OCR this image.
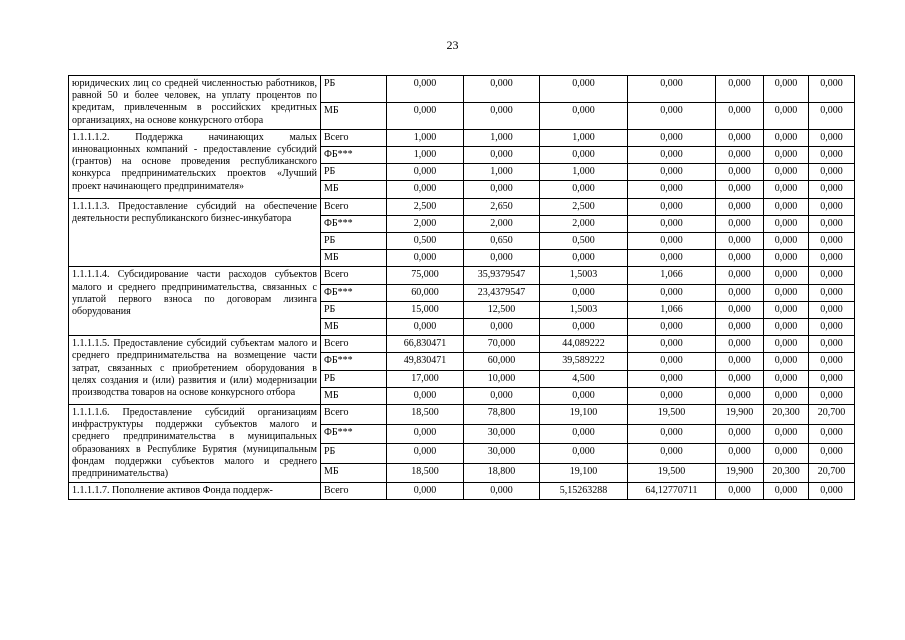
23
юридических лиц со средней численностью работников, равной 50 и более человек, на уплату процентов по кредитам, привлеченным в российских кредитных организациях, на основе конкурсного отбора	РБ	0,000	0,000	0,000	0,000	0,000	0,000	0,000
	МБ	0,000	0,000	0,000	0,000	0,000	0,000	0,000
1.1.1.1.2. Поддержка начинающих малых инновационных компаний - предоставление субсидий (грантов) на основе проведения республиканского конкурса предпринимательских проектов «Лучший проект начинающего предпринимателя»	Всего	1,000	1,000	1,000	0,000	0,000	0,000	0,000
	ФБ***	1,000	0,000	0,000	0,000	0,000	0,000	0,000
	РБ	0,000	1,000	1,000	0,000	0,000	0,000	0,000
	МБ	0,000	0,000	0,000	0,000	0,000	0,000	0,000
1.1.1.1.3. Предоставление субсидий на обеспечение деятельности республиканского бизнес-инкубатора	Всего	2,500	2,650	2,500	0,000	0,000	0,000	0,000
	ФБ***	2,000	2,000	2,000	0,000	0,000	0,000	0,000
	РБ	0,500	0,650	0,500	0,000	0,000	0,000	0,000
	МБ	0,000	0,000	0,000	0,000	0,000	0,000	0,000
1.1.1.1.4. Субсидирование части расходов субъектов малого и среднего предпринимательства, связанных с уплатой первого взноса по договорам лизинга оборудования	Всего	75,000	35,9379547	1,5003	1,066	0,000	0,000	0,000
	ФБ***	60,000	23,4379547	0,000	0,000	0,000	0,000	0,000
	РБ	15,000	12,500	1,5003	1,066	0,000	0,000	0,000
	МБ	0,000	0,000	0,000	0,000	0,000	0,000	0,000
1.1.1.1.5. Предоставление субсидий субъектам малого и среднего предпринимательства на возмещение части затрат, связанных с приобретением оборудования в целях создания и (или) развития и (или) модернизации производства товаров на основе конкурсного отбора	Всего	66,830471	70,000	44,089222	0,000	0,000	0,000	0,000
	ФБ***	49,830471	60,000	39,589222	0,000	0,000	0,000	0,000
	РБ	17,000	10,000	4,500	0,000	0,000	0,000	0,000
	МБ	0,000	0,000	0,000	0,000	0,000	0,000	0,000
1.1.1.1.6. Предоставление субсидий организациям инфраструктуры поддержки субъектов малого и среднего предпринимательства в муниципальных образованиях в Республике Бурятия (муниципальным фондам поддержки субъектов малого и среднего предпринимательства)	Всего	18,500	78,800	19,100	19,500	19,900	20,300	20,700
	ФБ***	0,000	30,000	0,000	0,000	0,000	0,000	0,000
	РБ	0,000	30,000	0,000	0,000	0,000	0,000	0,000
	МБ	18,500	18,800	19,100	19,500	19,900	20,300	20,700
1.1.1.1.7. Пополнение активов Фонда поддерж-	Всего	0,000	0,000	5,15263288	64,12770711	0,000	0,000	0,000
